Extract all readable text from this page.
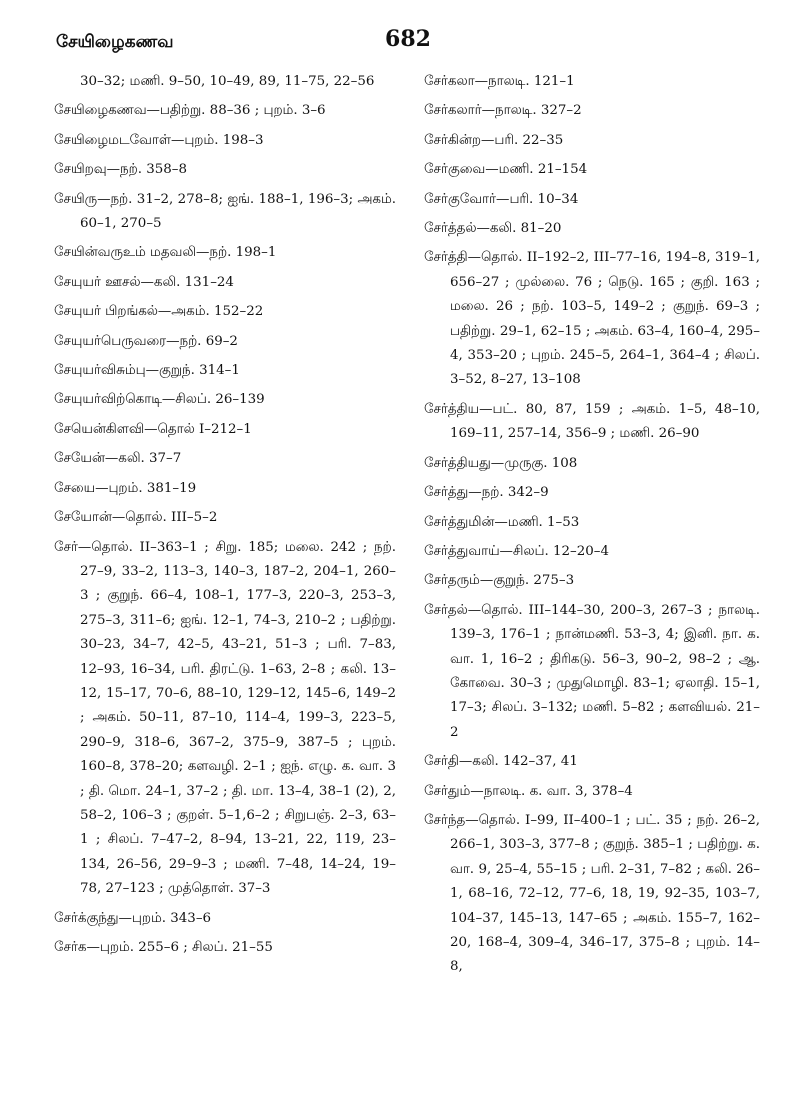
சேயிழைகணவ	682
30–32; மணி. 9–50, 10–49, 89, 11–75, 22–56
சேயிழைகணவ—பதிற்று. 88–36 ; புறம். 3–6
சேயிழைமடவோள்—புறம். 198–3
சேயிறவு—நற். 358–8
சேயிரு—நற். 31–2, 278–8; ஐங். 188–1, 196–3; அகம். 60–1, 270–5
சேயின்வருஉம் மதவலி—நற். 198–1
சேயுயர் ஊசல்—கலி. 131–24
சேயுயர் பிறங்கல்—அகம். 152–22
சேயுயர்பெருவரை—நற். 69–2
சேயுயர்விசும்பு—குறுந். 314–1
சேயுயர்விற்கொடி—சிலப். 26–139
சேயென்கிளவி—தொல் I–212–1
சேயேன்—கலி. 37–7
சேயை—புறம். 381–19
சேயோன்—தொல். III–5–2
சேர்—தொல். II–363–1 ; சிறு. 185; மலை. 242 ; நற். 27–9, 33–2, 113–3, 140–3, 187–2, 204–1, 260–3 ; குறுந். 66–4, 108–1, 177–3, 220–3, 253–3, 275–3, 311–6; ஐங். 12–1, 74–3, 210–2 ; பதிற்று. 30–23, 34–7, 42–5, 43–21, 51–3 ; பரி. 7–83, 12–93, 16–34, பரி. திரட்டு. 1–63, 2–8 ; கலி. 13–12, 15–17, 70–6, 88–10, 129–12, 145–6, 149–2 ; அகம். 50–11, 87–10, 114–4, 199–3, 223–5, 290–9, 318–6, 367–2, 375–9, 387–5 ; புறம். 160–8, 378–20; களவழி. 2–1 ; ஐந். எழு. க. வா. 3 ; தி. மொ. 24–1, 37–2 ; தி. மா. 13–4, 38–1 (2), 2, 58–2, 106–3 ; குறள். 5–1,6–2 ; சிறுபஞ். 2–3, 63–1 ; சிலப். 7–47–2, 8–94, 13–21, 22, 119, 23–134, 26–56, 29–9–3 ; மணி. 7–48, 14–24, 19–78, 27–123 ; முத்தொள். 37–3
சேர்க்குந்து—புறம். 343–6
சேர்க—புறம். 255–6 ; சிலப். 21–55
சேர்கலா—நாலடி. 121–1
சேர்கலார்—நாலடி. 327–2
சேர்கின்ற—பரி. 22–35
சேர்குவை—மணி. 21–154
சேர்குவோர்—பரி. 10–34
சேர்த்தல்—கலி. 81–20
சேர்த்தி—தொல். II–192–2, III–77–16, 194–8, 319–1, 656–27 ; முல்லை. 76 ; நெடு. 165 ; குறி. 163 ; மலை. 26 ; நற். 103–5, 149–2 ; குறுந். 69–3 ; பதிற்று. 29–1, 62–15 ; அகம். 63–4, 160–4, 295–4, 353–20 ; புறம். 245–5, 264–1, 364–4 ; சிலப். 3–52, 8–27, 13–108
சேர்த்திய—பட். 80, 87, 159 ; அகம். 1–5, 48–10, 169–11, 257–14, 356–9 ; மணி. 26–90
சேர்த்தியது—முருகு. 108
சேர்த்து—நற். 342–9
சேர்த்துமின்—மணி. 1–53
சேர்த்துவாய்—சிலப். 12–20–4
சேர்தரும்—குறுந். 275–3
சேர்தல்—தொல். III–144–30, 200–3, 267–3 ; நாலடி. 139–3, 176–1 ; நான்மணி. 53–3, 4; இனி. நா. க. வா. 1, 16–2 ; திரிகடு. 56–3, 90–2, 98–2 ; ஆ. கோவை. 30–3 ; முதுமொழி. 83–1; ஏலாதி. 15–1, 17–3; சிலப். 3–132; மணி. 5–82 ; களவியல். 21–2
சேர்தி—கலி. 142–37, 41
சேர்தும்—நாலடி. க. வா. 3, 378–4
சேர்ந்த—தொல். I–99, II–400–1 ; பட். 35 ; நற். 26–2, 266–1, 303–3, 377–8 ; குறுந். 385–1 ; பதிற்று. க. வா. 9, 25–4, 55–15 ; பரி. 2–31, 7–82 ; கலி. 26–1, 68–16, 72–12, 77–6, 18, 19, 92–35, 103–7, 104–37, 145–13, 147–65 ; அகம். 155–7, 162–20, 168–4, 309–4, 346–17, 375–8 ; புறம். 14–8,
